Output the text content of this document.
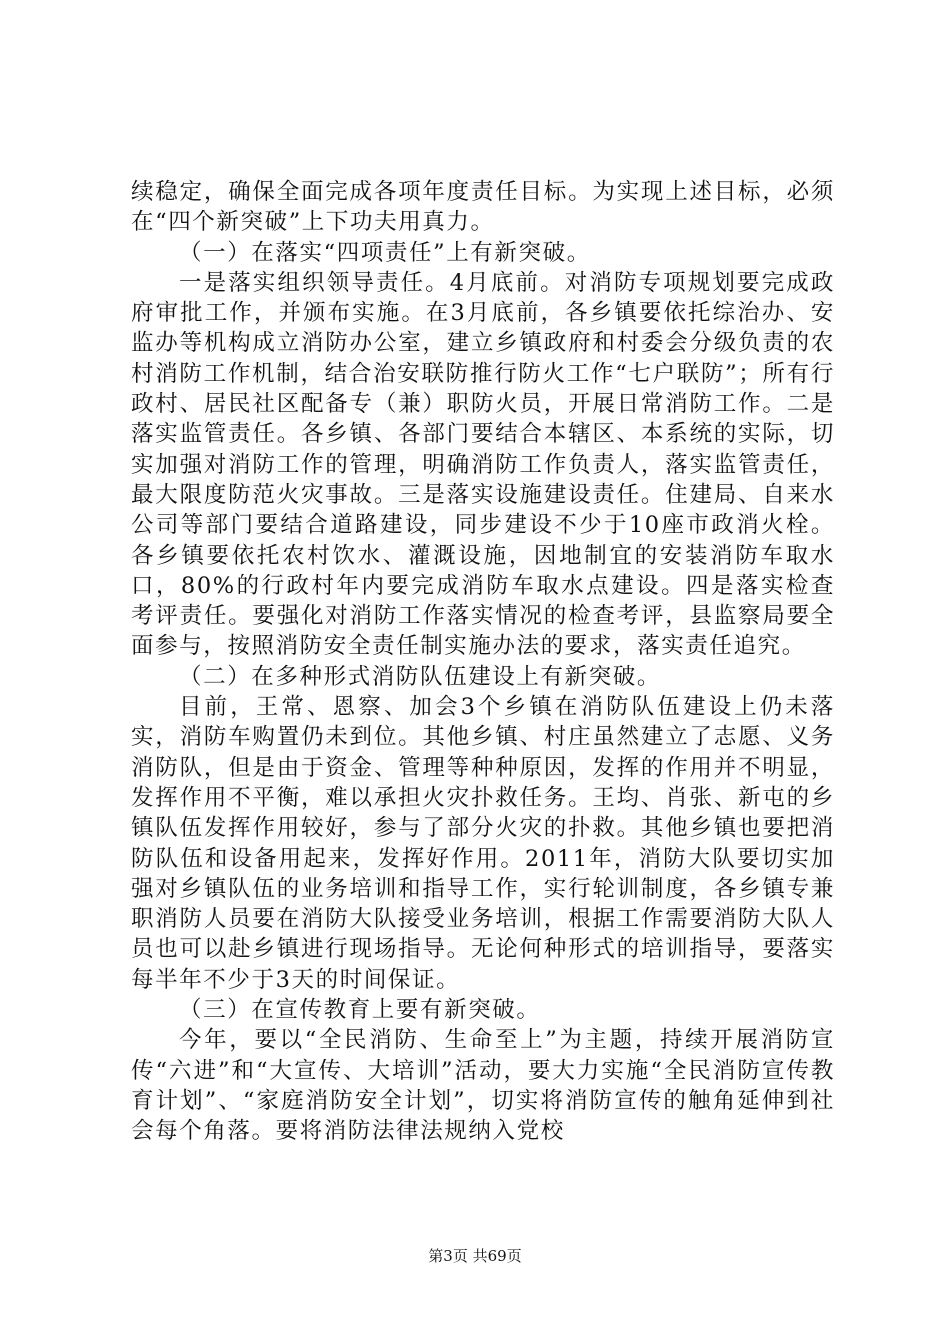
续稳定，确保全面完成各项年度责任目标。为实现上述目标，必须在“四个新突破”上下功夫用真力。

（一）在落实“四项责任”上有新突破。

一是落实组织领导责任。4月底前。对消防专项规划要完成政府审批工作，并颁布实施。在3月底前，各乡镇要依托综治办、安监办等机构成立消防办公室，建立乡镇政府和村委会分级负责的农村消防工作机制，结合治安联防推行防火工作“七户联防”；所有行政村、居民社区配备专（兼）职防火员，开展日常消防工作。二是落实监管责任。各乡镇、各部门要结合本辖区、本系统的实际，切实加强对消防工作的管理，明确消防工作负责人，落实监管责任，最大限度防范火灾事故。三是落实设施建设责任。住建局、自来水公司等部门要结合道路建设，同步建设不少于10座市政消火栓。各乡镇要依托农村饮水、灌溉设施，因地制宜的安装消防车取水口，80%的行政村年内要完成消防车取水点建设。四是落实检查考评责任。要强化对消防工作落实情况的检查考评，县监察局要全面参与，按照消防安全责任制实施办法的要求，落实责任追究。

（二）在多种形式消防队伍建设上有新突破。

目前，王常、恩察、加会3个乡镇在消防队伍建设上仍未落实，消防车购置仍未到位。其他乡镇、村庄虽然建立了志愿、义务消防队，但是由于资金、管理等种种原因，发挥的作用并不明显，发挥作用不平衡，难以承担火灾扑救任务。王均、肖张、新屯的乡镇队伍发挥作用较好，参与了部分火灾的扑救。其他乡镇也要把消防队伍和设备用起来，发挥好作用。2011年，消防大队要切实加强对乡镇队伍的业务培训和指导工作，实行轮训制度，各乡镇专兼职消防人员要在消防大队接受业务培训，根据工作需要消防大队人员也可以赴乡镇进行现场指导。无论何种形式的培训指导，要落实每半年不少于3天的时间保证。

（三）在宣传教育上要有新突破。

今年，要以“全民消防、生命至上”为主题，持续开展消防宣传“六进”和“大宣传、大培训”活动，要大力实施“全民消防宣传教育计划”、“家庭消防安全计划”，切实将消防宣传的触角延伸到社会每个角落。要将消防法律法规纳入党校

第3页 共69页
